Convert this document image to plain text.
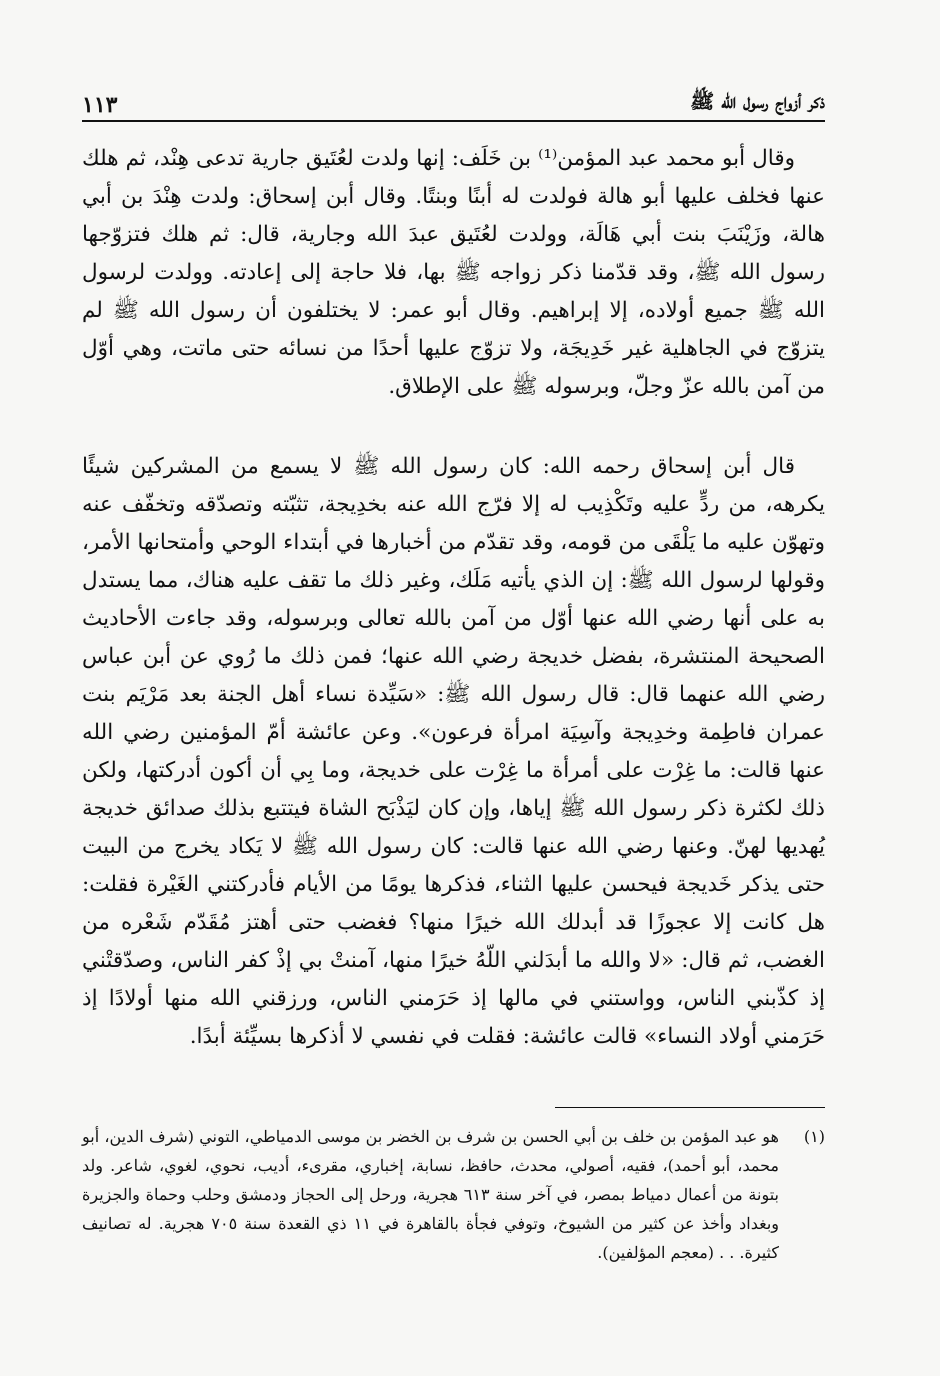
ذكر أزواج رسول الله ﷺ
١١٣

وقال أبو محمد عبد المؤمن⁽¹⁾ بن خَلَف: إنها ولدت لعُتَيق جارية تدعى هِنْد، ثم هلك عنها فخلف عليها أبو هالة فولدت له أبنًا وبنتًا. وقال أبن إسحاق: ولدت هِنْدَ بن أبي هالة، وزَيْنَبَ بنت أبي هَالَة، وولدت لعُتَيق عبدَ الله وجارية، قال: ثم هلك فتزوّجها رسول الله ﷺ، وقد قدّمنا ذكر زواجه ﷺ بها، فلا حاجة إلى إعادته. وولدت لرسول الله ﷺ جميع أولاده، إلا إبراهيم. وقال أبو عمر: لا يختلفون أن رسول الله ﷺ لم يتزوّج في الجاهلية غير خَدِيجَة، ولا تزوّج عليها أحدًا من نسائه حتى ماتت، وهي أوّل من آمن بالله عزّ وجلّ، وبرسوله ﷺ على الإطلاق.

قال أبن إسحاق رحمه الله: كان رسول الله ﷺ لا يسمع من المشركين شيئًا يكرهه، من ردٍّ عليه وتَكْذِيب له إلا فرّج الله عنه بخدِيجة، تثبّته وتصدّقه وتخفّف عنه وتهوّن عليه ما يَلْقَى من قومه، وقد تقدّم من أخبارها في أبتداء الوحي وأمتحانها الأمر، وقولها لرسول الله ﷺ: إن الذي يأتيه مَلَك، وغير ذلك ما تقف عليه هناك، مما يستدل به على أنها رضي الله عنها أوّل من آمن بالله تعالى وبرسوله، وقد جاءت الأحاديث الصحيحة المنتشرة، بفضل خديجة رضي الله عنها؛ فمن ذلك ما رُوي عن أبن عباس رضي الله عنهما قال: قال رسول الله ﷺ: «سَيِّدة نساء أهل الجنة بعد مَرْيَم بنت عمران فاطِمة وخدِيجة وآسِيَة امرأة فرعون». وعن عائشة أمّ المؤمنين رضي الله عنها قالت: ما غِرْت على أمرأة ما غِرْت على خديجة، وما بِي أن أكون أدركتها، ولكن ذلك لكثرة ذكر رسول الله ﷺ إياها، وإن كان ليَذْبَح الشاة فيتتبع بذلك صدائق خديجة يُهديها لهنّ. وعنها رضي الله عنها قالت: كان رسول الله ﷺ لا يَكاد يخرج من البيت حتى يذكر خَديجة فيحسن عليها الثناء، فذكرها يومًا من الأيام فأدركتني الغَيْرة فقلت: هل كانت إلا عجوزًا قد أبدلك الله خيرًا منها؟ فغضب حتى أهتز مُقَدّم شَعْره من الغضب، ثم قال: «لا والله ما أبدَلني اللّهُ خيرًا منها، آمنتْ بي إذْ كفر الناس، وصدّقتْني إذ كذّبني الناس، وواستني في مالها إذ حَرَمني الناس، ورزقني الله منها أولادًا إذ حَرَمني أولاد النساء» قالت عائشة: فقلت في نفسي لا أذكرها بسيِّئة أبدًا.

(١)
هو عبد المؤمن بن خلف بن أبي الحسن بن شرف بن الخضر بن موسى الدمياطي، التوني (شرف الدين، أبو محمد، أبو أحمد)، فقيه، أصولي، محدث، حافظ، نسابة، إخباري، مقرىء، أديب، نحوي، لغوي، شاعر. ولد بتونة من أعمال دمياط بمصر، في آخر سنة ٦١٣ هجرية، ورحل إلى الحجاز ودمشق وحلب وحماة والجزيرة وبغداد وأخذ عن كثير من الشيوخ، وتوفي فجأة بالقاهرة في ١١ ذي القعدة سنة ٧٠٥ هجرية. له تصانيف كثيرة. . . (معجم المؤلفين).
